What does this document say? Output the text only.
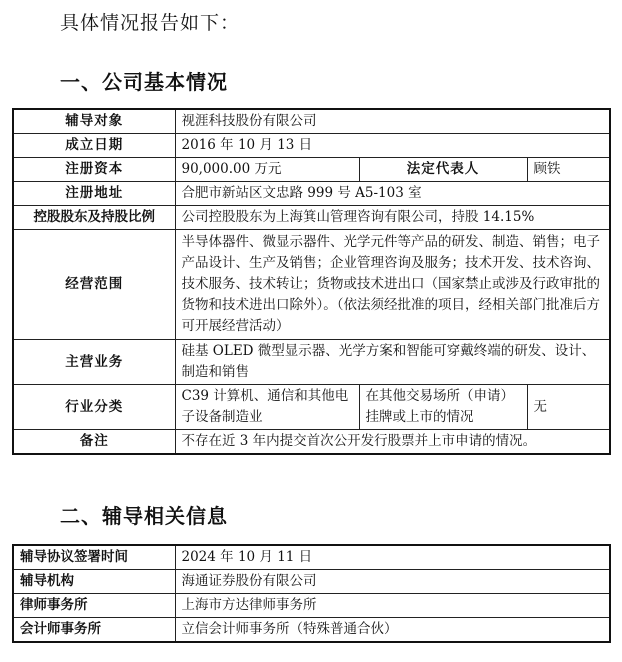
具体情况报告如下：
一、公司基本情况
辅导对象	视涯科技股份有限公司		
成立日期	2016 年 10 月 13 日		
注册资本	90,000.00 万元	法定代表人	顾铁
注册地址	合肥市新站区文忠路 999 号 A5-103 室		
控股股东及持股比例	公司控股股东为上海箕山管理咨询有限公司，持股 14.15%		
经营范围	半导体器件、微显示器件、光学元件等产品的研发、制造、销售；电子产品设计、生产及销售；企业管理咨询及服务；技术开发、技术咨询、技术服务、技术转让；货物或技术进出口（国家禁止或涉及行政审批的货物和技术进出口除外）。（依法须经批准的项目，经相关部门批准后方可开展经营活动）		
主营业务	硅基 OLED 微型显示器、光学方案和智能可穿戴终端的研发、设计、制造和销售		
行业分类	C39 计算机、通信和其他电子设备制造业	在其他交易场所（申请）挂牌或上市的情况	无
备注	不存在近 3 年内提交首次公开发行股票并上市申请的情况。		
二、辅导相关信息
辅导协议签署时间	2024 年 10 月 11 日
辅导机构	海通证券股份有限公司
律师事务所	上海市方达律师事务所
会计师事务所	立信会计师事务所（特殊普通合伙）
